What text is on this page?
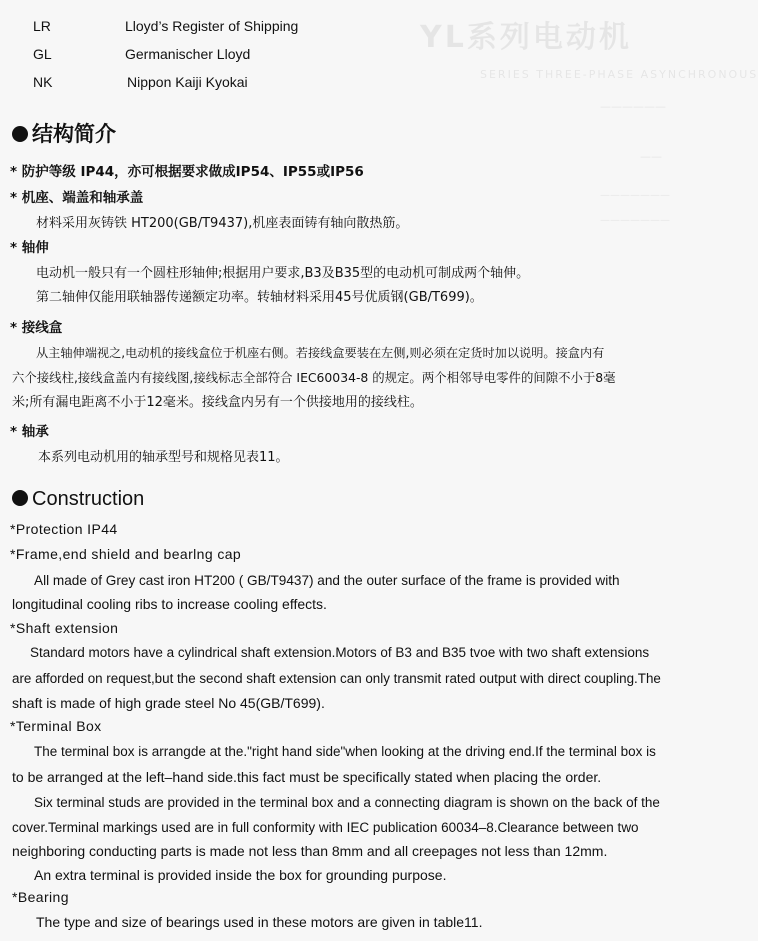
YL系列电动机
SERIES THREE-PHASE ASYNCHRONOUS
——————
——
———————
———————
LR	Lloyd’s Register of Shipping
GL	Germanischer Lloyd
NK	Nippon Kaiji Kyokai
结构简介
* 防护等级 IP44，亦可根据要求做成IP54、IP55或IP56
* 机座、端盖和轴承盖
材料采用灰铸铁 HT200(GB/T9437),机座表面铸有轴向散热筋。
* 轴伸
电动机一般只有一个圆柱形轴伸;根据用户要求,B3及B35型的电动机可制成两个轴伸。
第二轴伸仅能用联轴器传递额定功率。转轴材料采用45号优质钢(GB/T699)。
* 接线盒
从主轴伸端视之,电动机的接线盒位于机座右侧。若接线盒要装在左侧,则必须在定货时加以说明。接盒内有
六个接线柱,接线盒盖内有接线图,接线标志全部符合 IEC60034-8 的规定。两个相邻导电零件的间隙不小于8毫
米;所有漏电距离不小于12毫米。接线盒内另有一个供接地用的接线柱。
* 轴承
本系列电动机用的轴承型号和规格见表11。
Construction
*Protection IP44
*Frame,end shield and bearlng cap
All made of Grey cast iron HT200 ( GB/T9437) and the outer surface of the frame is provided with
longitudinal cooling ribs to increase cooling effects.
*Shaft extension
Standard motors have a cylindrical shaft extension.Motors of B3 and B35 tvoe with two shaft extensions
are afforded on request,but the second shaft extension can only transmit rated output with direct coupling.The
shaft is made of high grade steel No 45(GB/T699).
*Terminal Box
The terminal box is arrangde at the."right hand side"when looking at the driving end.If the terminal box is
to be arranged at the left–hand side.this fact must be specifically stated when placing the order.
Six terminal studs are provided in the terminal box and a connecting diagram is shown on the back of the
cover.Terminal markings used are in full conformity with IEC publication 60034–8.Clearance between two
neighboring conducting parts is made not less than 8mm and all creepages not less than 12mm.
An extra terminal is provided inside the box for grounding purpose.
*Bearing
The type and size of bearings used in these motors are given in table11.
